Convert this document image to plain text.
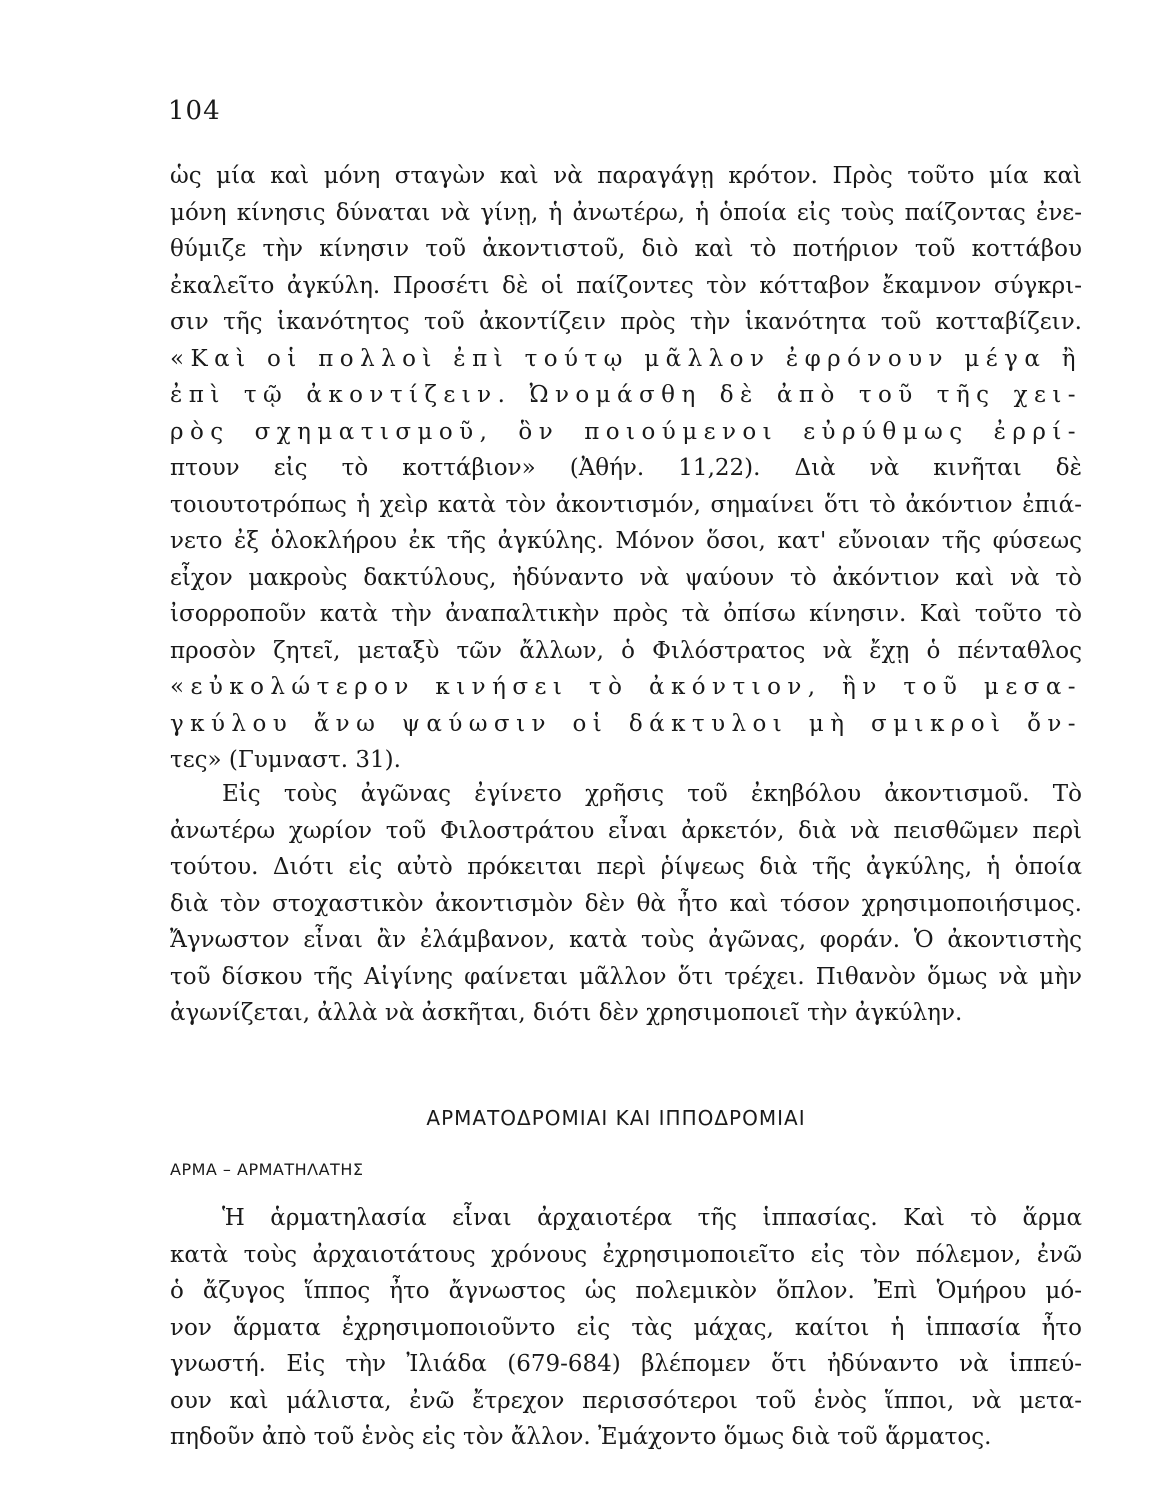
104
ὡς μία καὶ μόνη σταγὼν καὶ νὰ παραγάγῃ κρότον. Πρὸς τοῦτο μία καὶ
μόνη κίνησις δύναται νὰ γίνῃ, ἡ ἀνωτέρω, ἡ ὁποία εἰς τοὺς παίζοντας ἐνε-
θύμιζε τὴν κίνησιν τοῦ ἀκοντιστοῦ, διὸ καὶ τὸ ποτήριον τοῦ κοττάβου
ἐκαλεῖτο ἀγκύλη. Προσέτι δὲ οἱ παίζοντες τὸν κότταβον ἔκαμνον σύγκρι-
σιν τῆς ἱκανότητος τοῦ ἀκοντίζειν πρὸς τὴν ἱκανότητα τοῦ κοτταβίζειν.
«Καὶ οἱ πολλοὶ ἐπὶ τούτῳ μᾶλλον ἐφρόνουν μέγα ἢ
ἐπὶ τῷ ἀκοντίζειν. Ὠνομάσθη δὲ ἀπὸ τοῦ τῆς χει-
ρὸς σχηματισμοῦ, ὃν ποιούμενοι εὐρύθμως ἐρρί-
πτουν εἰς τὸ κοττάβιον» (Ἀθήν. 11,22). Διὰ νὰ κινῆται δὲ
τοιουτοτρόπως ἡ χεὶρ κατὰ τὸν ἀκοντισμόν, σημαίνει ὅτι τὸ ἀκόντιον ἐπιά-
νετο ἐξ ὁλοκλήρου ἐκ τῆς ἀγκύλης. Μόνον ὅσοι, κατ' εὔνοιαν τῆς φύσεως
εἶχον μακροὺς δακτύλους, ἠδύναντο νὰ ψαύουν τὸ ἀκόντιον καὶ νὰ τὸ
ἰσορροποῦν κατὰ τὴν ἀναπαλτικὴν πρὸς τὰ ὀπίσω κίνησιν. Καὶ τοῦτο τὸ
προσὸν ζητεῖ, μεταξὺ τῶν ἄλλων, ὁ Φιλόστρατος νὰ ἔχῃ ὁ πένταθλος
«εὐκολώτερον κινήσει τὸ ἀκόντιον, ἣν τοῦ μεσα-
γκύλου ἄνω ψαύωσιν οἱ δάκτυλοι μὴ σμικροὶ ὄν-
τες» (Γυμναστ. 31).
Εἰς τοὺς ἀγῶνας ἐγίνετο χρῆσις τοῦ ἐκηβόλου ἀκοντισμοῦ. Τὸ
ἀνωτέρω χωρίον τοῦ Φιλοστράτου εἶναι ἀρκετόν, διὰ νὰ πεισθῶμεν περὶ
τούτου. Διότι εἰς αὐτὸ πρόκειται περὶ ῥίψεως διὰ τῆς ἀγκύλης, ἡ ὁποία
διὰ τὸν στοχαστικὸν ἀκοντισμὸν δὲν θὰ ἦτο καὶ τόσον χρησιμοποιήσιμος.
Ἄγνωστον εἶναι ἂν ἐλάμβανον, κατὰ τοὺς ἀγῶνας, φοράν. Ὁ ἀκοντιστὴς
τοῦ δίσκου τῆς Αἰγίνης φαίνεται μᾶλλον ὅτι τρέχει. Πιθανὸν ὅμως νὰ μὴν
ἀγωνίζεται, ἀλλὰ νὰ ἀσκῆται, διότι δὲν χρησιμοποιεῖ τὴν ἀγκύλην.
ΑΡΜΑΤΟΔΡΟΜΙΑΙ ΚΑΙ ΙΠΠΟΔΡΟΜΙΑΙ
ΑΡΜΑ – ΑΡΜΑΤΗΛΑΤΗΣ
Ἡ ἁρματηλασία εἶναι ἀρχαιοτέρα τῆς ἱππασίας. Καὶ τὸ ἅρμα
κατὰ τοὺς ἀρχαιοτάτους χρόνους ἐχρησιμοποιεῖτο εἰς τὸν πόλεμον, ἐνῶ
ὁ ἄζυγος ἵππος ἦτο ἄγνωστος ὡς πολεμικὸν ὅπλον. Ἐπὶ Ὁμήρου μό-
νον ἅρματα ἐχρησιμοποιοῦντο εἰς τὰς μάχας, καίτοι ἡ ἱππασία ἦτο
γνωστή. Εἰς τὴν Ἰλιάδα (679-684) βλέπομεν ὅτι ἠδύναντο νὰ ἱππεύ-
ουν καὶ μάλιστα, ἐνῶ ἔτρεχον περισσότεροι τοῦ ἑνὸς ἵπποι, νὰ μετα-
πηδοῦν ἀπὸ τοῦ ἑνὸς εἰς τὸν ἄλλον. Ἐμάχοντο ὅμως διὰ τοῦ ἅρματος.
